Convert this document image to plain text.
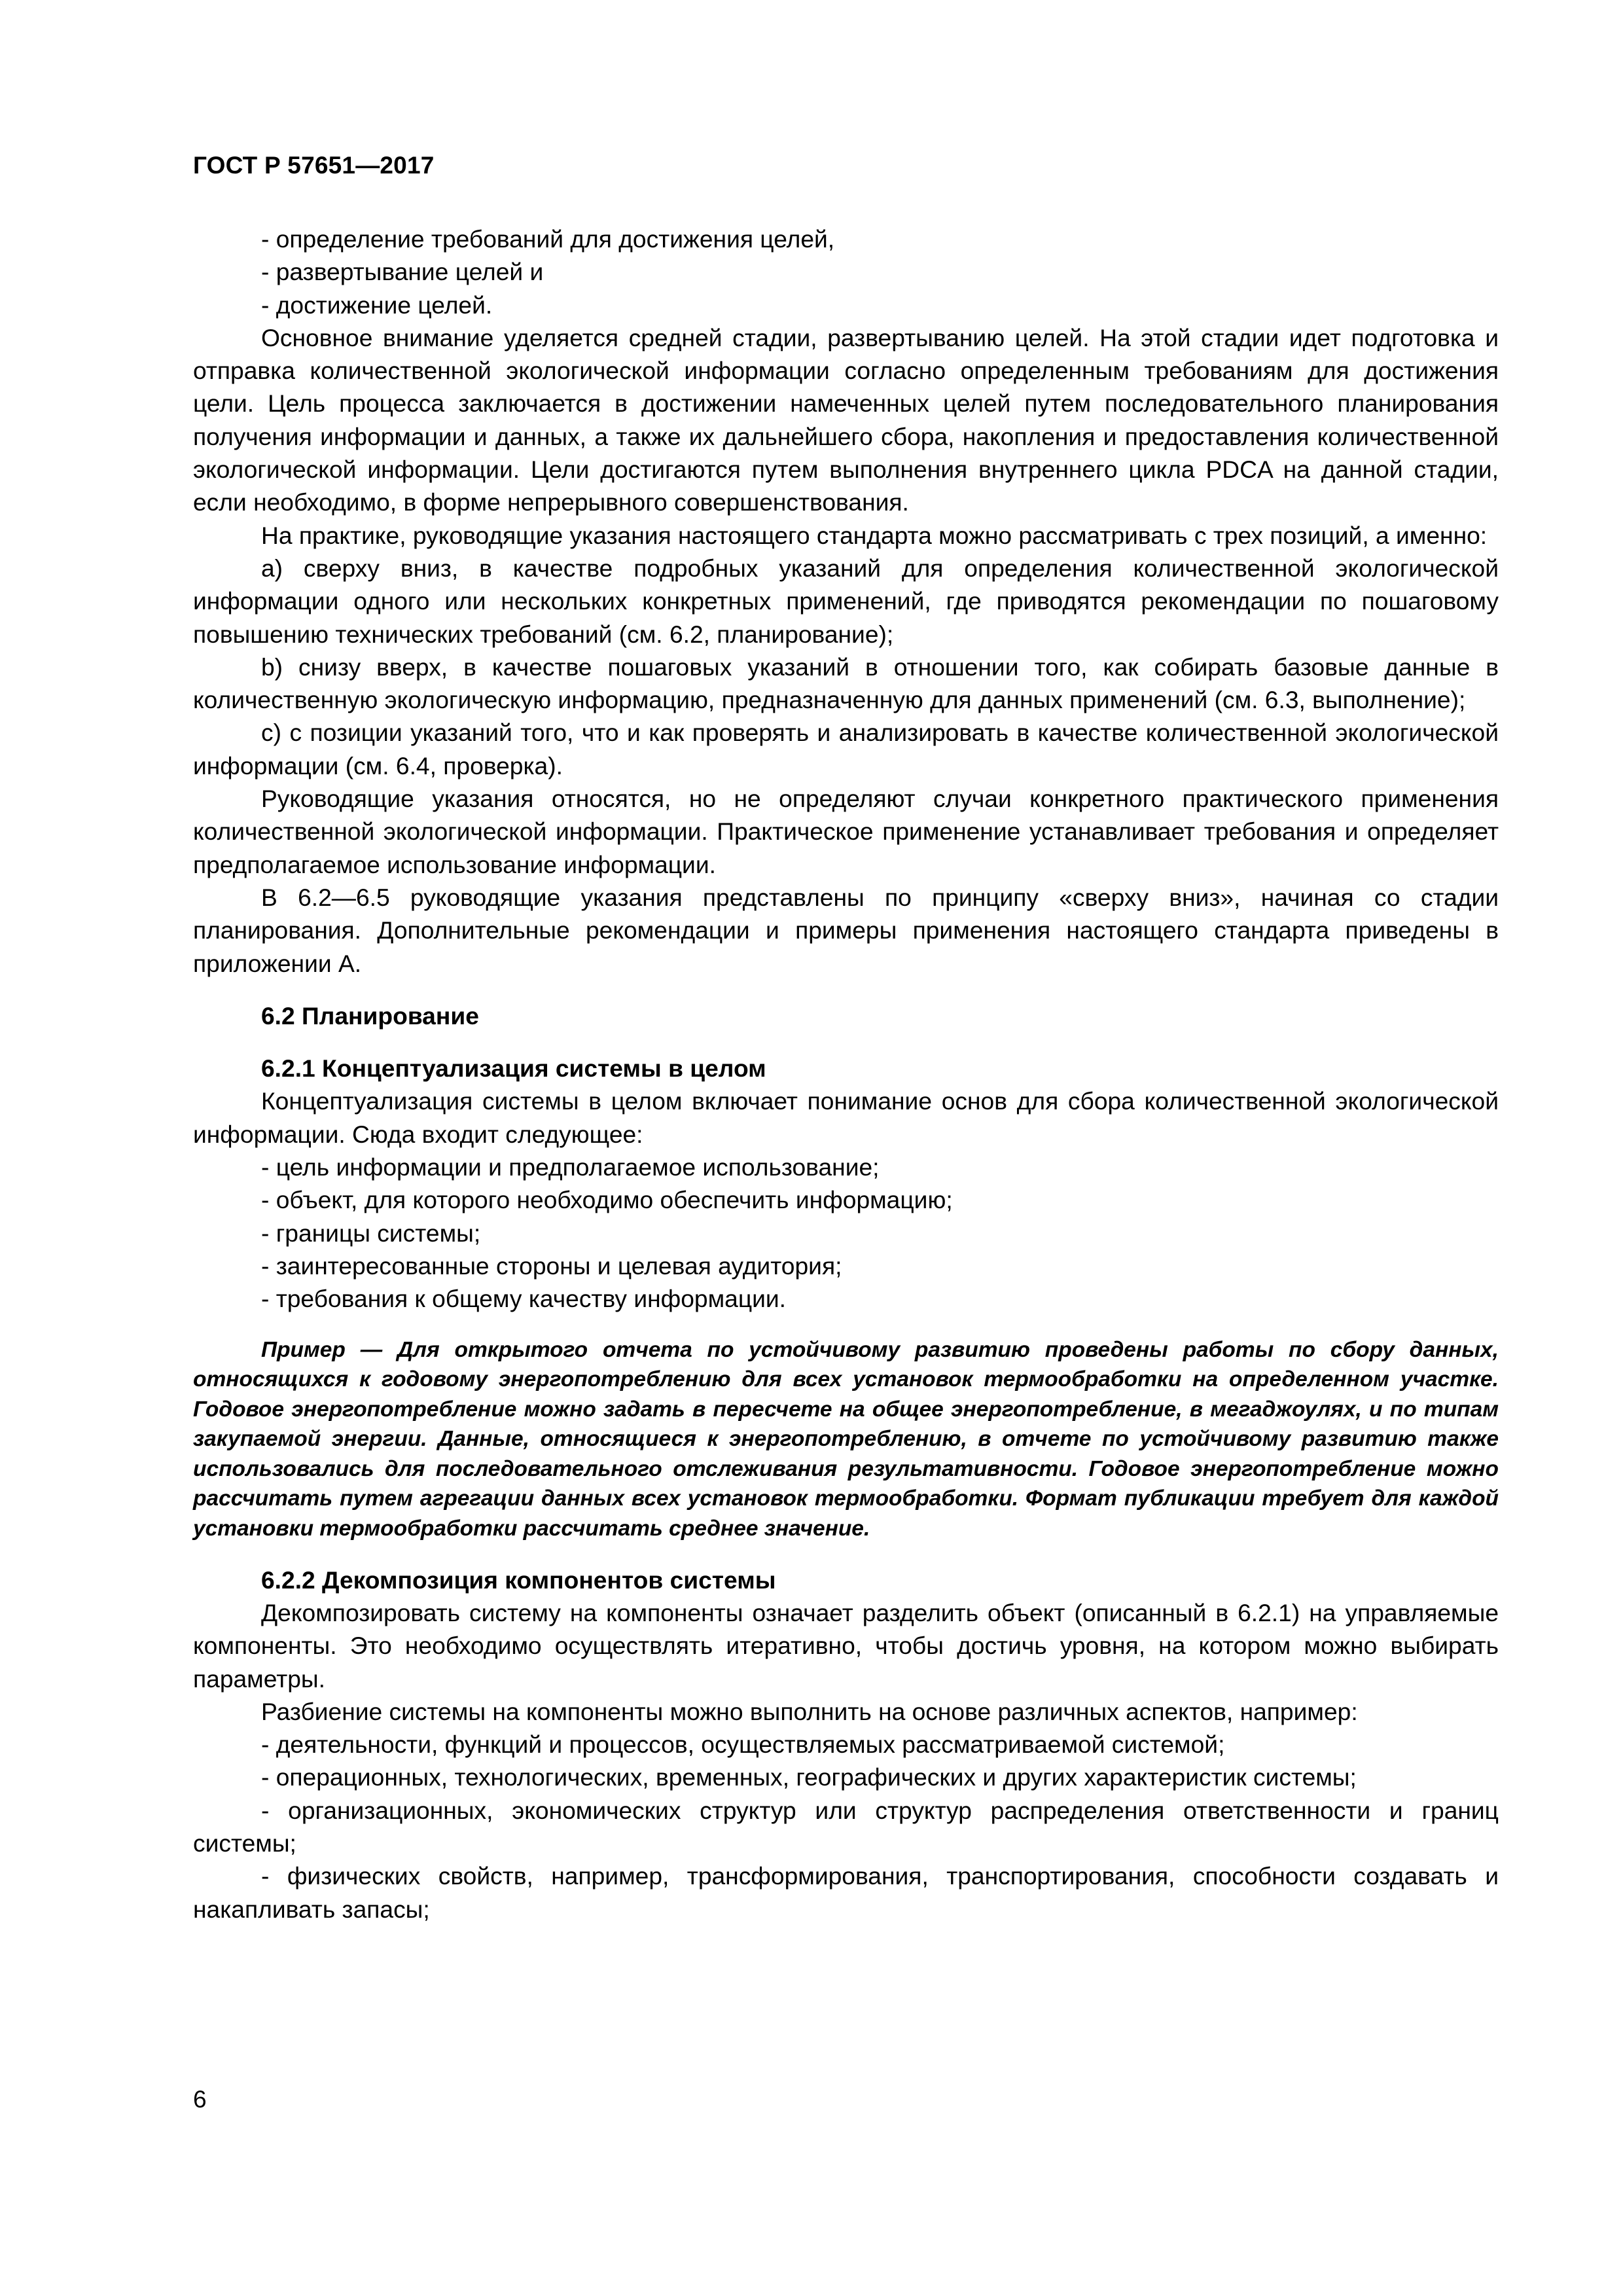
ГОСТ Р 57651—2017

- определение требований для достижения целей,

- развертывание целей и

- достижение целей.

Основное внимание уделяется средней стадии, развертыванию целей. На этой стадии идет подготовка и отправка количественной экологической информации согласно определенным требованиям для достижения цели. Цель процесса заключается в достижении намеченных целей путем последовательного планирования получения информации и данных, а также их дальнейшего сбора, накопления и предоставления количественной экологической информации. Цели достигаются путем выполнения внутреннего цикла PDCA на данной стадии, если необходимо, в форме непрерывного совершенствования.

На практике, руководящие указания настоящего стандарта можно рассматривать с трех позиций, а именно:

а) сверху вниз, в качестве подробных указаний для определения количественной экологической информации одного или нескольких конкретных применений, где приводятся рекомендации по пошаговому повышению технических требований (см. 6.2, планирование);

b) снизу вверх, в качестве пошаговых указаний в отношении того, как собирать базовые данные в количественную экологическую информацию, предназначенную для данных применений (см. 6.3, выполнение);

c) с позиции указаний того, что и как проверять и анализировать в качестве количественной экологической информации (см. 6.4, проверка).

Руководящие указания относятся, но не определяют случаи конкретного практического применения количественной экологической информации. Практическое применение устанавливает требования и определяет предполагаемое использование информации.

В 6.2—6.5 руководящие указания представлены по принципу «сверху вниз», начиная со стадии планирования. Дополнительные рекомендации и примеры применения настоящего стандарта приведены в приложении А.

6.2 Планирование

6.2.1 Концептуализация системы в целом

Концептуализация системы в целом включает понимание основ для сбора количественной экологической информации. Сюда входит следующее:

- цель информации и предполагаемое использование;

- объект, для которого необходимо обеспечить информацию;

- границы системы;

- заинтересованные стороны и целевая аудитория;

- требования к общему качеству информации.

Пример — Для открытого отчета по устойчивому развитию проведены работы по сбору данных, относящихся к годовому энергопотреблению для всех установок термообработки на определенном участке. Годовое энергопотребление можно задать в пересчете на общее энергопотребление, в мегаджоулях, и по типам закупаемой энергии. Данные, относящиеся к энергопотреблению, в отчете по устойчивому развитию также использовались для последовательного отслеживания результативности. Годовое энергопотребление можно рассчитать путем агрегации данных всех установок термообработки. Формат публикации требует для каждой установки термообработки рассчитать среднее значение.

6.2.2 Декомпозиция компонентов системы

Декомпозировать систему на компоненты означает разделить объект (описанный в 6.2.1) на управляемые компоненты. Это необходимо осуществлять итеративно, чтобы достичь уровня, на котором можно выбирать параметры.

Разбиение системы на компоненты можно выполнить на основе различных аспектов, например:

- деятельности, функций и процессов, осуществляемых рассматриваемой системой;

- операционных, технологических, временных, географических и других характеристик системы;

- организационных, экономических структур или структур распределения ответственности и границ системы;

- физических свойств, например, трансформирования, транспортирования, способности создавать и накапливать запасы;

6
